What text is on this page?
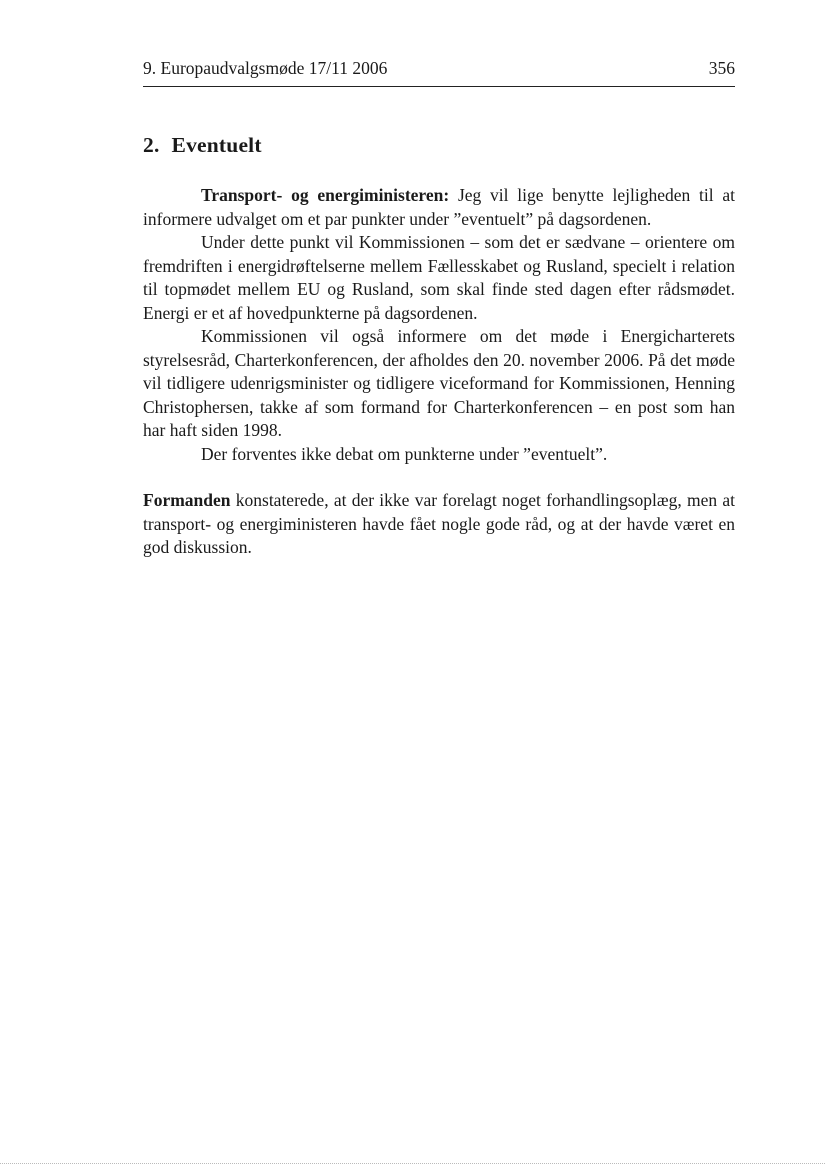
9. Europaudvalgsmøde 17/11 2006	356
2. Eventuelt

Transport- og energiministeren: Jeg vil lige benytte lejligheden til at informere udvalget om et par punkter under ”eventuelt” på dagsordenen.

Under dette punkt vil Kommissionen – som det er sædvane – orientere om fremdriften i energidrøftelserne mellem Fællesskabet og Rusland, specielt i relation til topmødet mellem EU og Rusland, som skal finde sted dagen efter rådsmødet. Energi er et af hovedpunkterne på dagsordenen.

Kommissionen vil også informere om det møde i Energicharterets styrelsesråd, Charterkonferencen, der afholdes den 20. november 2006. På det møde vil tidligere udenrigsminister og tidligere viceformand for Kommissionen, Henning Christophersen, takke af som formand for Charterkonferencen – en post som han har haft siden 1998.

Der forventes ikke debat om punkterne under ”eventuelt”.

Formanden konstaterede, at der ikke var forelagt noget forhandlingsoplæg, men at transport- og energiministeren havde fået nogle gode råd, og at der havde været en god diskussion.
